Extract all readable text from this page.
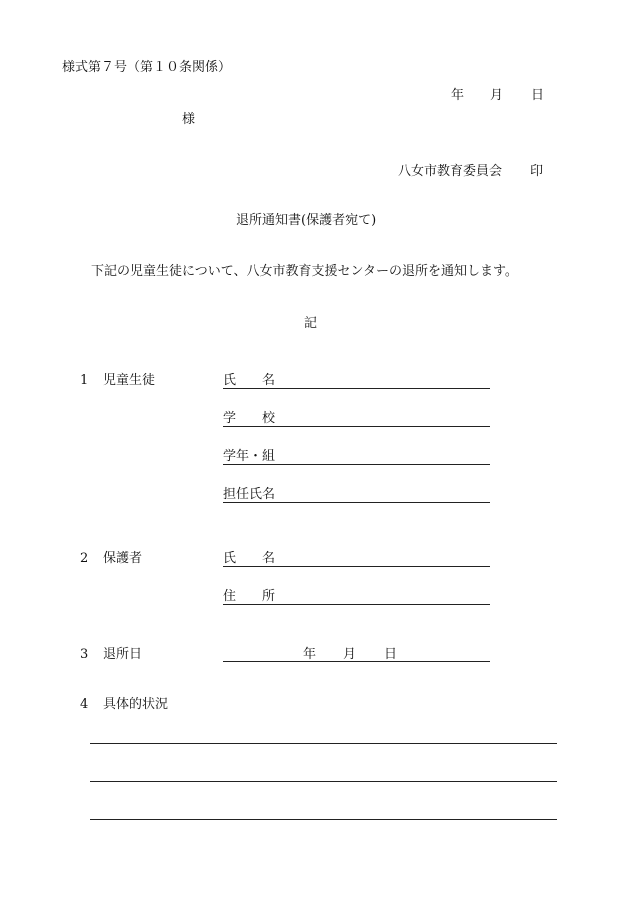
様式第７号（第１０条関係）
年 月 日
様
八女市教育委員会 印
退所通知書(保護者宛て)
下記の児童生徒について、八女市教育支援センターの退所を通知します。
記
1 児童生徒	氏　　名
学　　校
学年・組
担任氏名
2 保護者	氏　　名
住　　所
3 退所日	年 月 日
4 具体的状況
